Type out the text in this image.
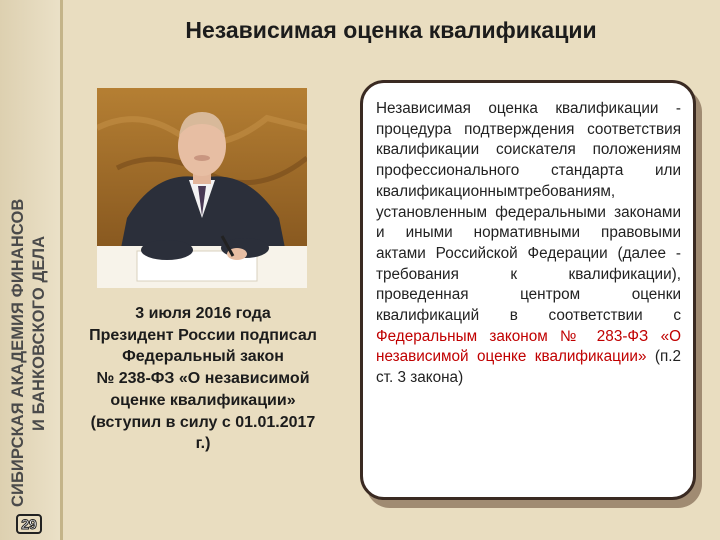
СИБИРСКАЯ АКАДЕМИЯ ФИНАНСОВ И БАНКОВСКОГО ДЕЛА
29
Независимая оценка квалификации
3 июля 2016 года
Президент России подписал
Федеральный закон
№ 238-ФЗ «О независимой
оценке квалификации»
(вступил в силу с 01.01.2017
г.)
Независимая оценка квалификации - процедура подтверждения соответствия квалификации соискателя положениям профессионального стандарта или квалификационнымтребованиям, установленным федеральными законами и иными нормативными правовыми актами Российской Федерации (далее - требования к квалификации), проведенная центром оценки квалификаций в соответствии с Федеральным законом № 283-ФЗ «О независимой оценке квалификации» (п.2 ст. 3 закона)
